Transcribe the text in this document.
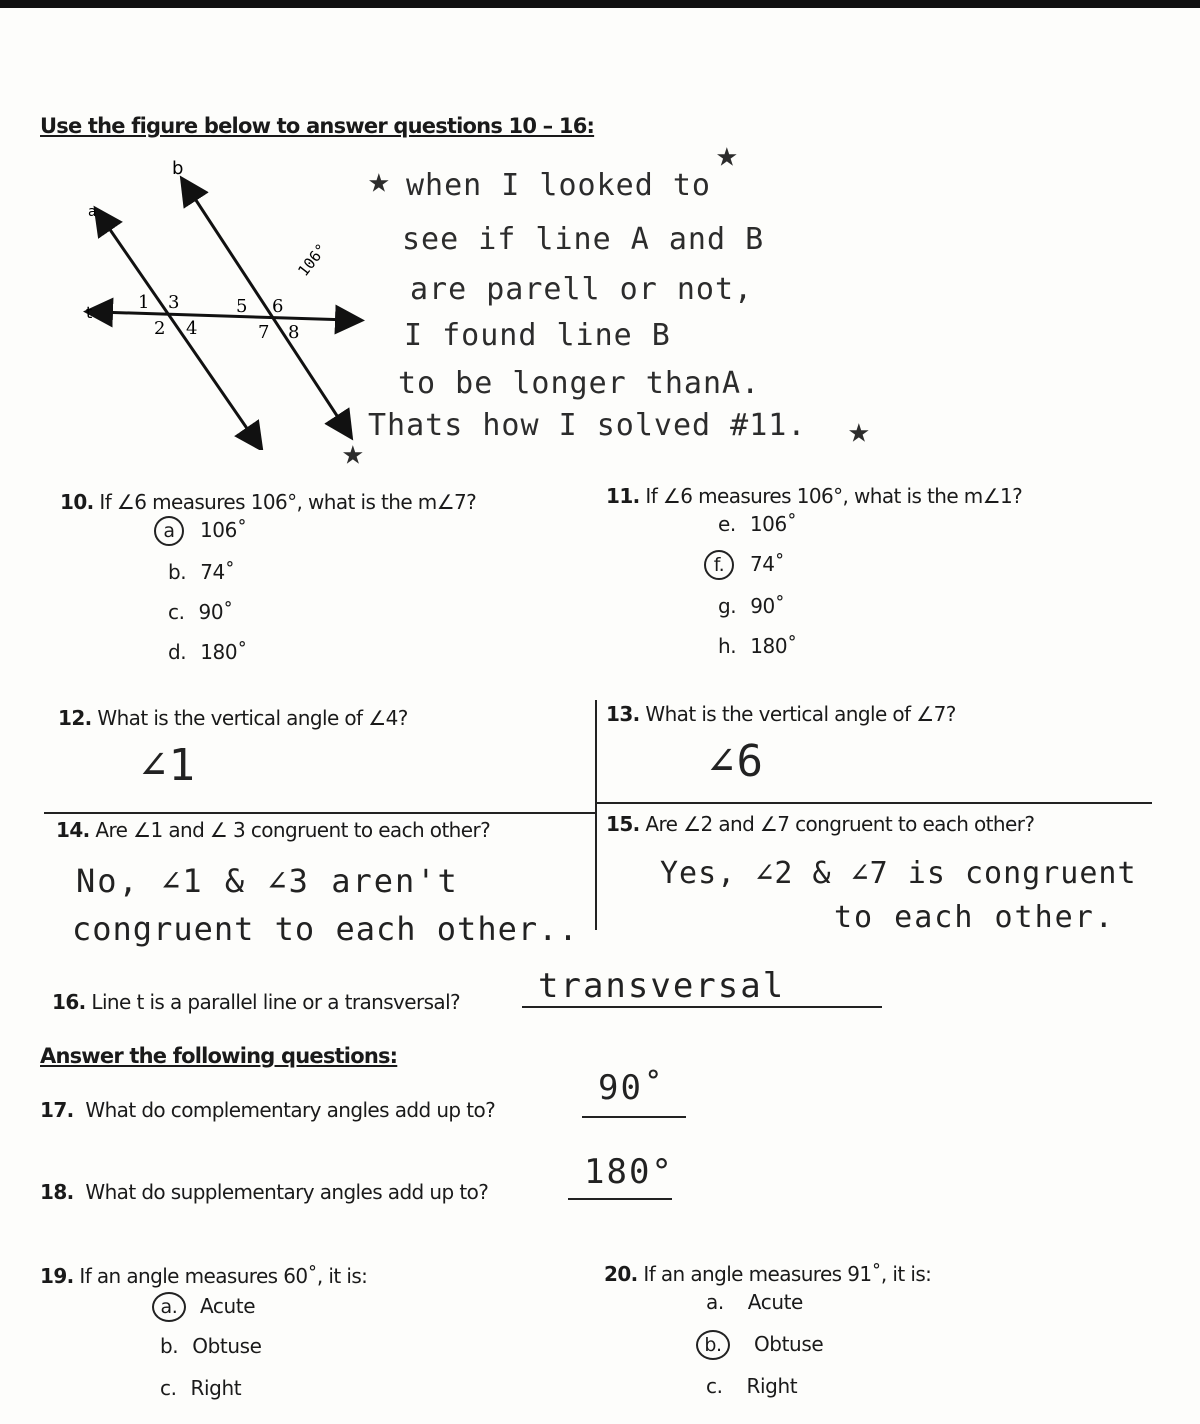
Use the figure below to answer questions 10 – 16:
a
b
t	1 3
2 4
5 6
7 8
106°
★
★
when I looked to
see if line A and B
are parell or not,
I found line B
to be longer thanA.
Thats how I solved #11.
★
★
10. If ∠6 measures 106°, what is the m∠7?
a 106˚
b. 74˚
c. 90˚
d. 180˚
11. If ∠6 measures 106°, what is the m∠1?
e. 106˚
f. 74˚
g. 90˚
h. 180˚
12. What is the vertical angle of ∠4?
∠1
13. What is the vertical angle of ∠7?
∠6
14. Are ∠1 and ∠ 3 congruent to each other?
No, ∠1 & ∠3 aren't
congruent to each other..
15. Are ∠2 and ∠7 congruent to each other?
Yes, ∠2 & ∠7 is congruent
to each other.
16. Line t is a parallel line or a transversal? transversal
Answer the following questions:
17. What do complementary angles add up to?
90˚
18. What do supplementary angles add up to?	180°
19. If an angle measures 60˚, it is:
a. Acute
b. Obtuse
c. Right
20. If an angle measures 91˚, it is:
a. Acute
b. Obtuse
c. Right
